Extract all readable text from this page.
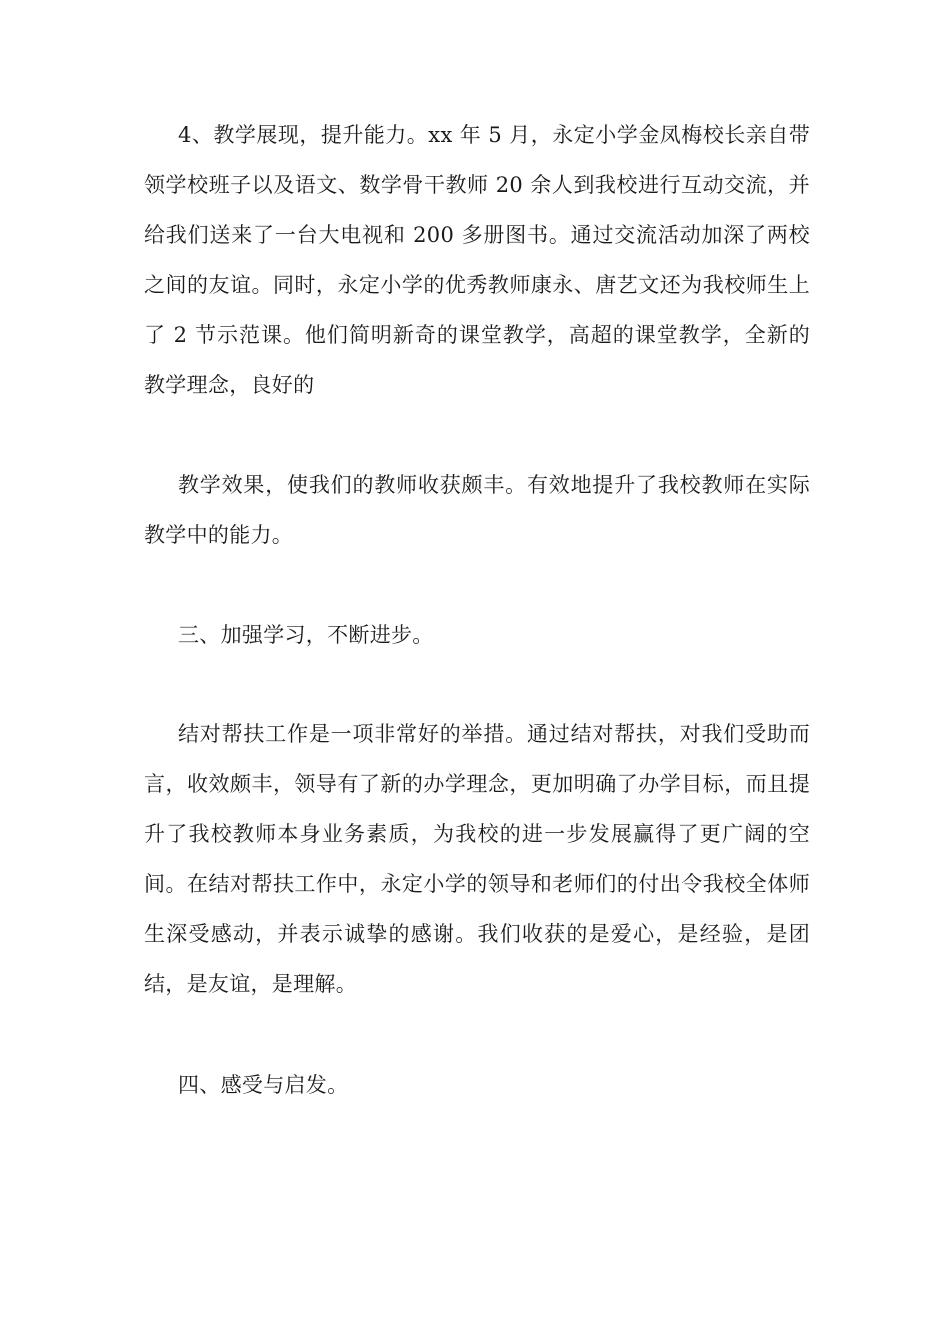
4、教学展现，提升能力。xx 年 5 月，永定小学金凤梅校长亲自带领学校班子以及语文、数学骨干教师 20 余人到我校进行互动交流，并给我们送来了一台大电视和 200 多册图书。通过交流活动加深了两校之间的友谊。同时，永定小学的优秀教师康永、唐艺文还为我校师生上了 2 节示范课。他们简明新奇的课堂教学，高超的课堂教学，全新的教学理念，良好的

教学效果，使我们的教师收获颇丰。有效地提升了我校教师在实际教学中的能力。

三、加强学习，不断进步。

结对帮扶工作是一项非常好的举措。通过结对帮扶，对我们受助而言，收效颇丰，领导有了新的办学理念，更加明确了办学目标，而且提升了我校教师本身业务素质，为我校的进一步发展赢得了更广阔的空间。在结对帮扶工作中，永定小学的领导和老师们的付出令我校全体师生深受感动，并表示诚挚的感谢。我们收获的是爱心，是经验，是团结，是友谊，是理解。

四、感受与启发。
